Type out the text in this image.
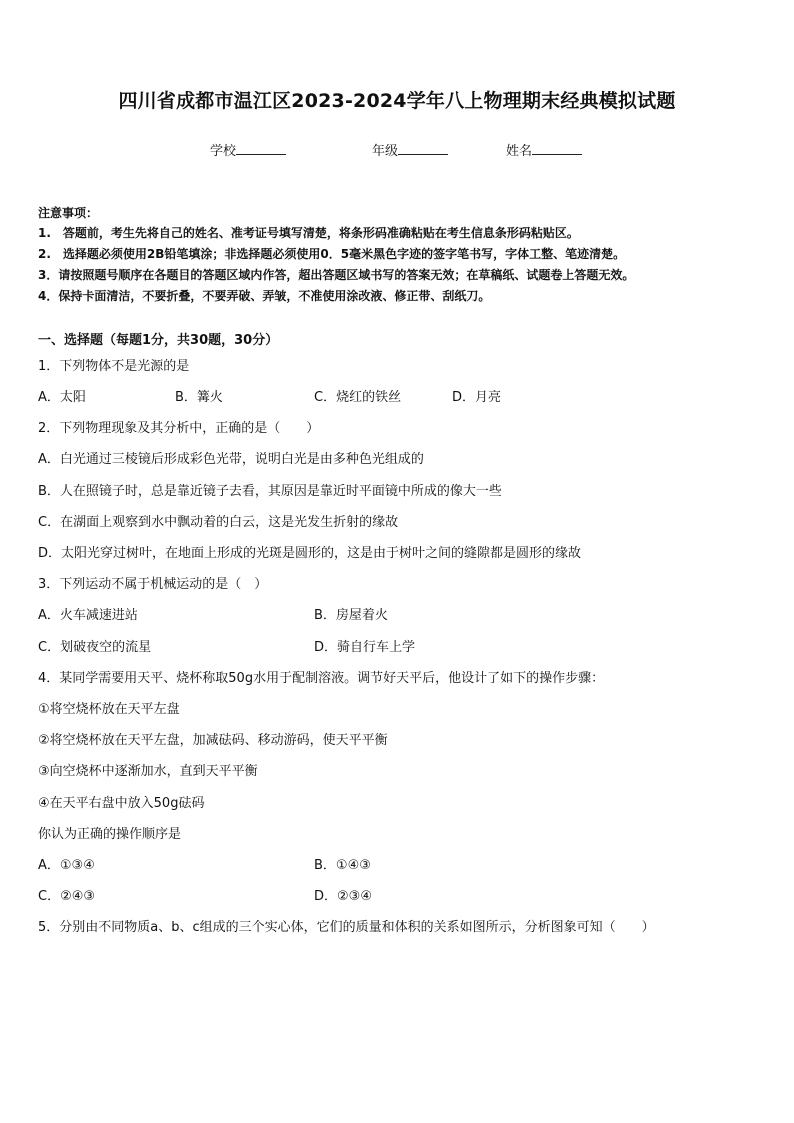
四川省成都市温江区2023-2024学年八上物理期末经典模拟试题
学校	年级	姓名
注意事项：
1.　答题前，考生先将自己的姓名、准考证号填写清楚，将条形码准确粘贴在考生信息条形码粘贴区。
2.　选择题必须使用2B铅笔填涂；非选择题必须使用0．5毫米黑色字迹的签字笔书写，字体工整、笔迹清楚。
3．请按照题号顺序在各题目的答题区域内作答，超出答题区域书写的答案无效；在草稿纸、试题卷上答题无效。
4．保持卡面清洁，不要折叠，不要弄破、弄皱，不准使用涂改液、修正带、刮纸刀。
一、选择题（每题1分，共30题，30分）
1．下列物体不是光源的是
A．太阳	B．篝火	C．烧红的铁丝	D．月亮
2．下列物理现象及其分析中，正确的是（　　）
A．白光通过三棱镜后形成彩色光带，说明白光是由多种色光组成的
B．人在照镜子时，总是靠近镜子去看，其原因是靠近时平面镜中所成的像大一些
C．在湖面上观察到水中飘动着的白云，这是光发生折射的缘故
D．太阳光穿过树叶，在地面上形成的光斑是圆形的，这是由于树叶之间的缝隙都是圆形的缘故
3．下列运动不属于机械运动的是（　）
A．火车减速进站	B．房屋着火
C．划破夜空的流星	D．骑自行车上学
4．某同学需要用天平、烧杯称取50g水用于配制溶液。调节好天平后，他设计了如下的操作步骤：
①将空烧杯放在天平左盘
②将空烧杯放在天平左盘，加减砝码、移动游码，使天平平衡
③向空烧杯中逐渐加水，直到天平平衡
④在天平右盘中放入50g砝码
你认为正确的操作顺序是
A．①③④	B．①④③
C．②④③	D．②③④
5．分别由不同物质a、b、c组成的三个实心体，它们的质量和体积的关系如图所示，分析图象可知（　　）
